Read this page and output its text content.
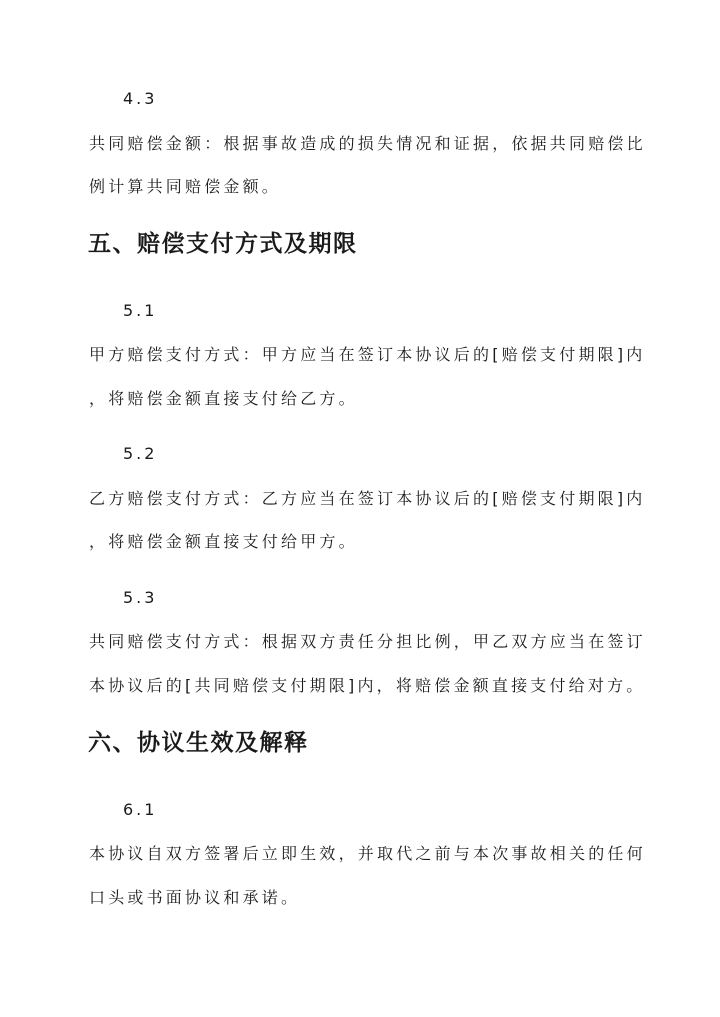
4.3
共同赔偿金额：根据事故造成的损失情况和证据，依据共同赔偿比
例计算共同赔偿金额。
五、赔偿支付方式及期限
5.1
甲方赔偿支付方式：甲方应当在签订本协议后的[赔偿支付期限]内
，将赔偿金额直接支付给乙方。
5.2
乙方赔偿支付方式：乙方应当在签订本协议后的[赔偿支付期限]内
，将赔偿金额直接支付给甲方。
5.3
共同赔偿支付方式：根据双方责任分担比例，甲乙双方应当在签订
本协议后的[共同赔偿支付期限]内，将赔偿金额直接支付给对方。
六、协议生效及解释
6.1
本协议自双方签署后立即生效，并取代之前与本次事故相关的任何
口头或书面协议和承诺。
